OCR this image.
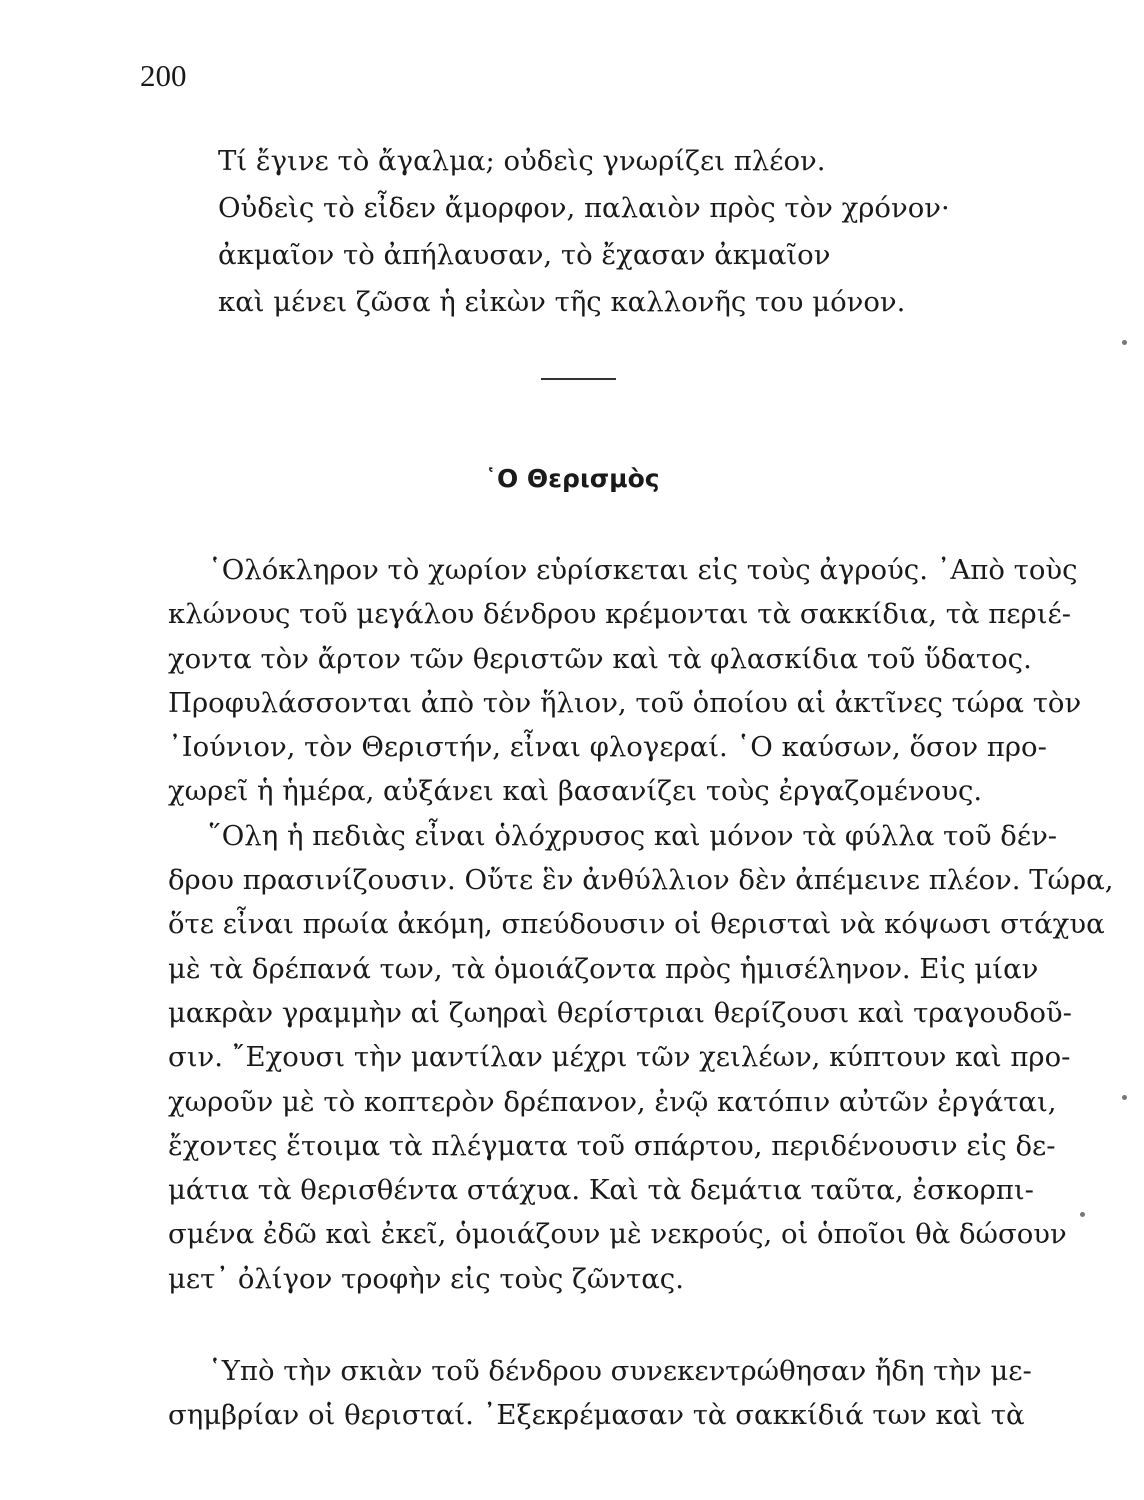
200
Τί ἔγινε τὸ ἄγαλμα; οὐδεὶς γνωρίζει πλέον.
Οὐδεὶς τὸ εἶδεν ἄμορφον, παλαιὸν πρὸς τὸν χρόνον·
ἀκμαῖον τὸ ἀπήλαυσαν, τὸ ἔχασαν ἀκμαῖον
καὶ μένει ζῶσα ἡ εἰκὼν τῆς καλλονῆς του μόνον.
῾Ο Θερισμὸς

῾Ολόκληρον τὸ χωρίον εὑρίσκεται εἰς τοὺς ἀγρούς. ᾿Απὸ τοὺς
κλώνους τοῦ μεγάλου δένδρου κρέμονται τὰ σακκίδια, τὰ περιέ-
χοντα τὸν ἄρτον τῶν θεριστῶν καὶ τὰ φλασκίδια τοῦ ὕδατος.
Προφυλάσσονται ἀπὸ τὸν ἥλιον, τοῦ ὁποίου αἱ ἀκτῖνες τώρα τὸν
᾿Ιούνιον, τὸν Θεριστήν, εἶναι φλογεραί. ῾Ο καύσων, ὅσον προ-
χωρεῖ ἡ ἡμέρα, αὐξάνει καὶ βασανίζει τοὺς ἐργαζομένους.

῞Ολη ἡ πεδιὰς εἶναι ὁλόχρυσος καὶ μόνον τὰ φύλλα τοῦ δέν-
δρου πρασινίζουσιν. Οὔτε ἓν ἀνθύλλιον δὲν ἀπέμεινε πλέον. Τώρα,
ὅτε εἶναι πρωία ἀκόμη, σπεύδουσιν οἱ θερισταὶ νὰ κόψωσι στάχυα
μὲ τὰ δρέπανά των, τὰ ὁμοιάζοντα πρὸς ἡμισέληνον. Εἰς μίαν
μακρὰν γραμμὴν αἱ ζωηραὶ θερίστριαι θερίζουσι καὶ τραγουδοῦ-
σιν. ῎Εχουσι τὴν μαντίλαν μέχρι τῶν χειλέων, κύπτουν καὶ προ-
χωροῦν μὲ τὸ κοπτερὸν δρέπανον, ἐνῷ κατόπιν αὐτῶν ἐργάται,
ἔχοντες ἕτοιμα τὰ πλέγματα τοῦ σπάρτου, περιδένουσιν εἰς δε-
μάτια τὰ θερισθέντα στάχυα. Καὶ τὰ δεμάτια ταῦτα, ἐσκορπι-
σμένα ἐδῶ καὶ ἐκεῖ, ὁμοιάζουν μὲ νεκρούς, οἱ ὁποῖοι θὰ δώσουν
μετ᾿ ὀλίγον τροφὴν εἰς τοὺς ζῶντας.

῾Υπὸ τὴν σκιὰν τοῦ δένδρου συνεκεντρώθησαν ἤδη τὴν με-
σημβρίαν οἱ θερισταί. ᾿Εξεκρέμασαν τὰ σακκίδιά των καὶ τὰ
